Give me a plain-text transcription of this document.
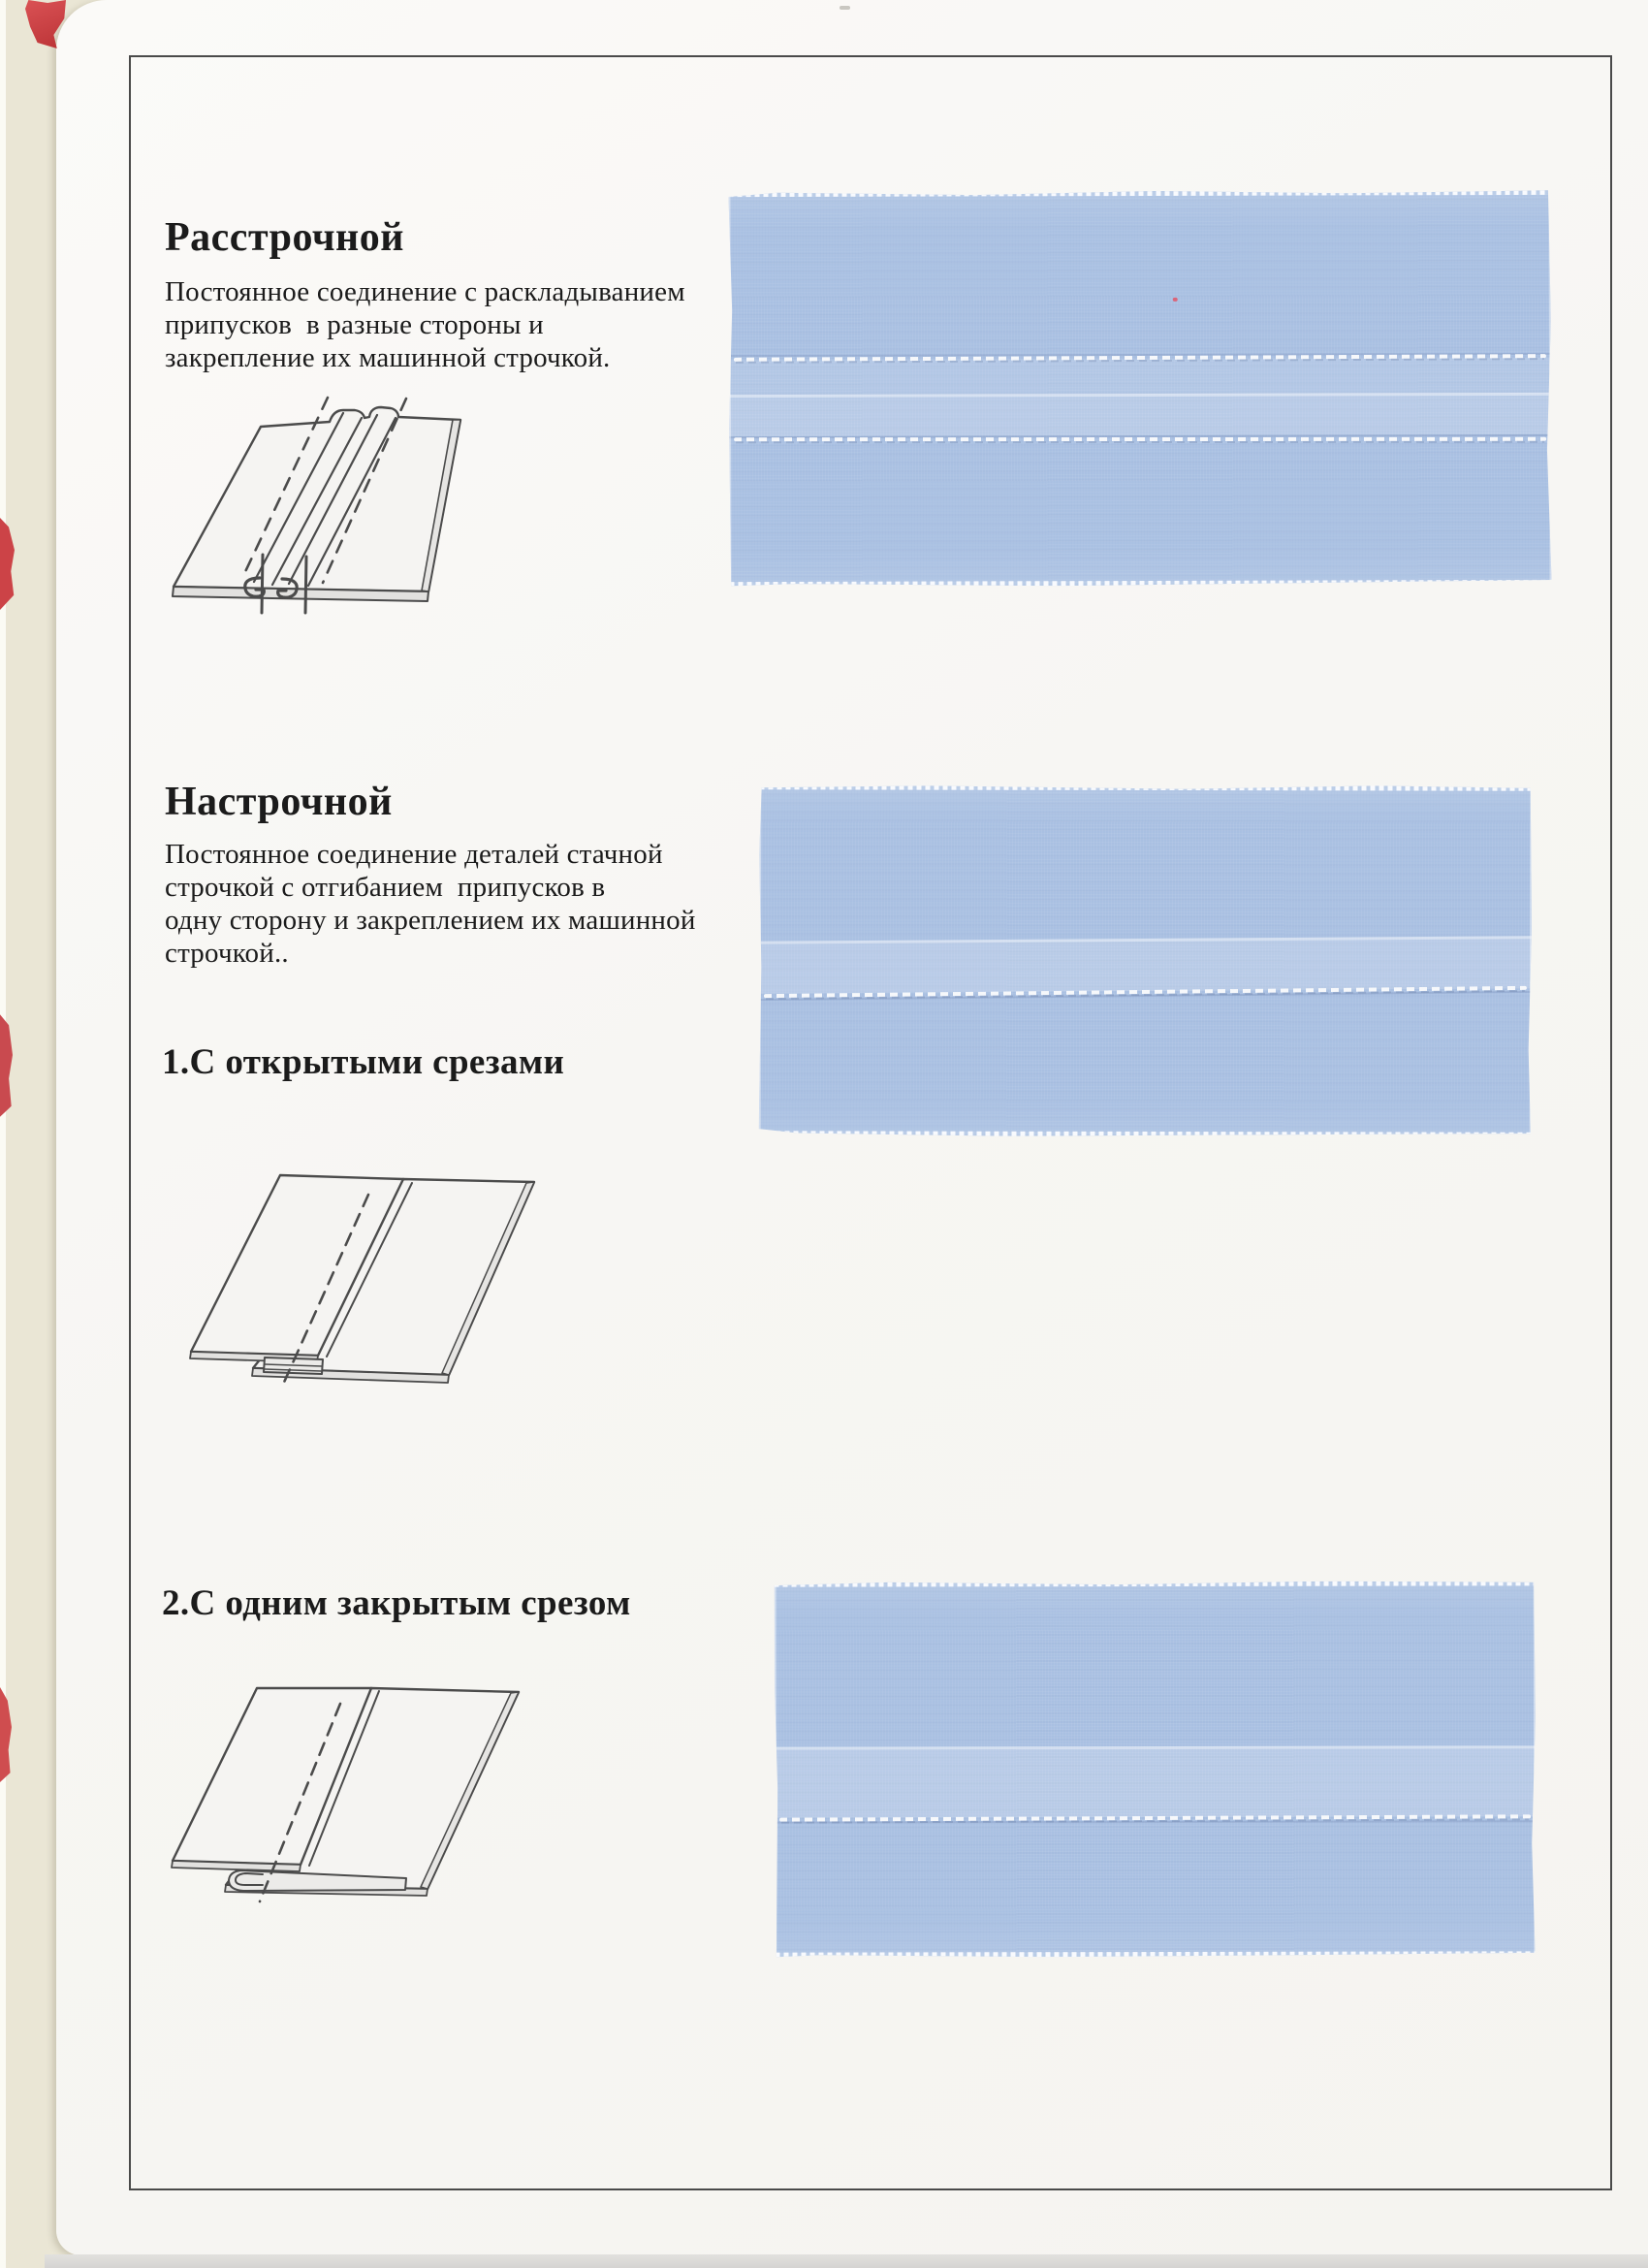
Расстрочной
Постоянное соединение с раскладыванием
припусков  в разные стороны и
закрепление их машинной строчкой.
Настрочной
Постоянное соединение деталей стачной
строчкой с отгибанием  припусков в
одну сторону и закреплением их машинной
строчкой..
1.С открытыми срезами
2.С одним закрытым срезом
